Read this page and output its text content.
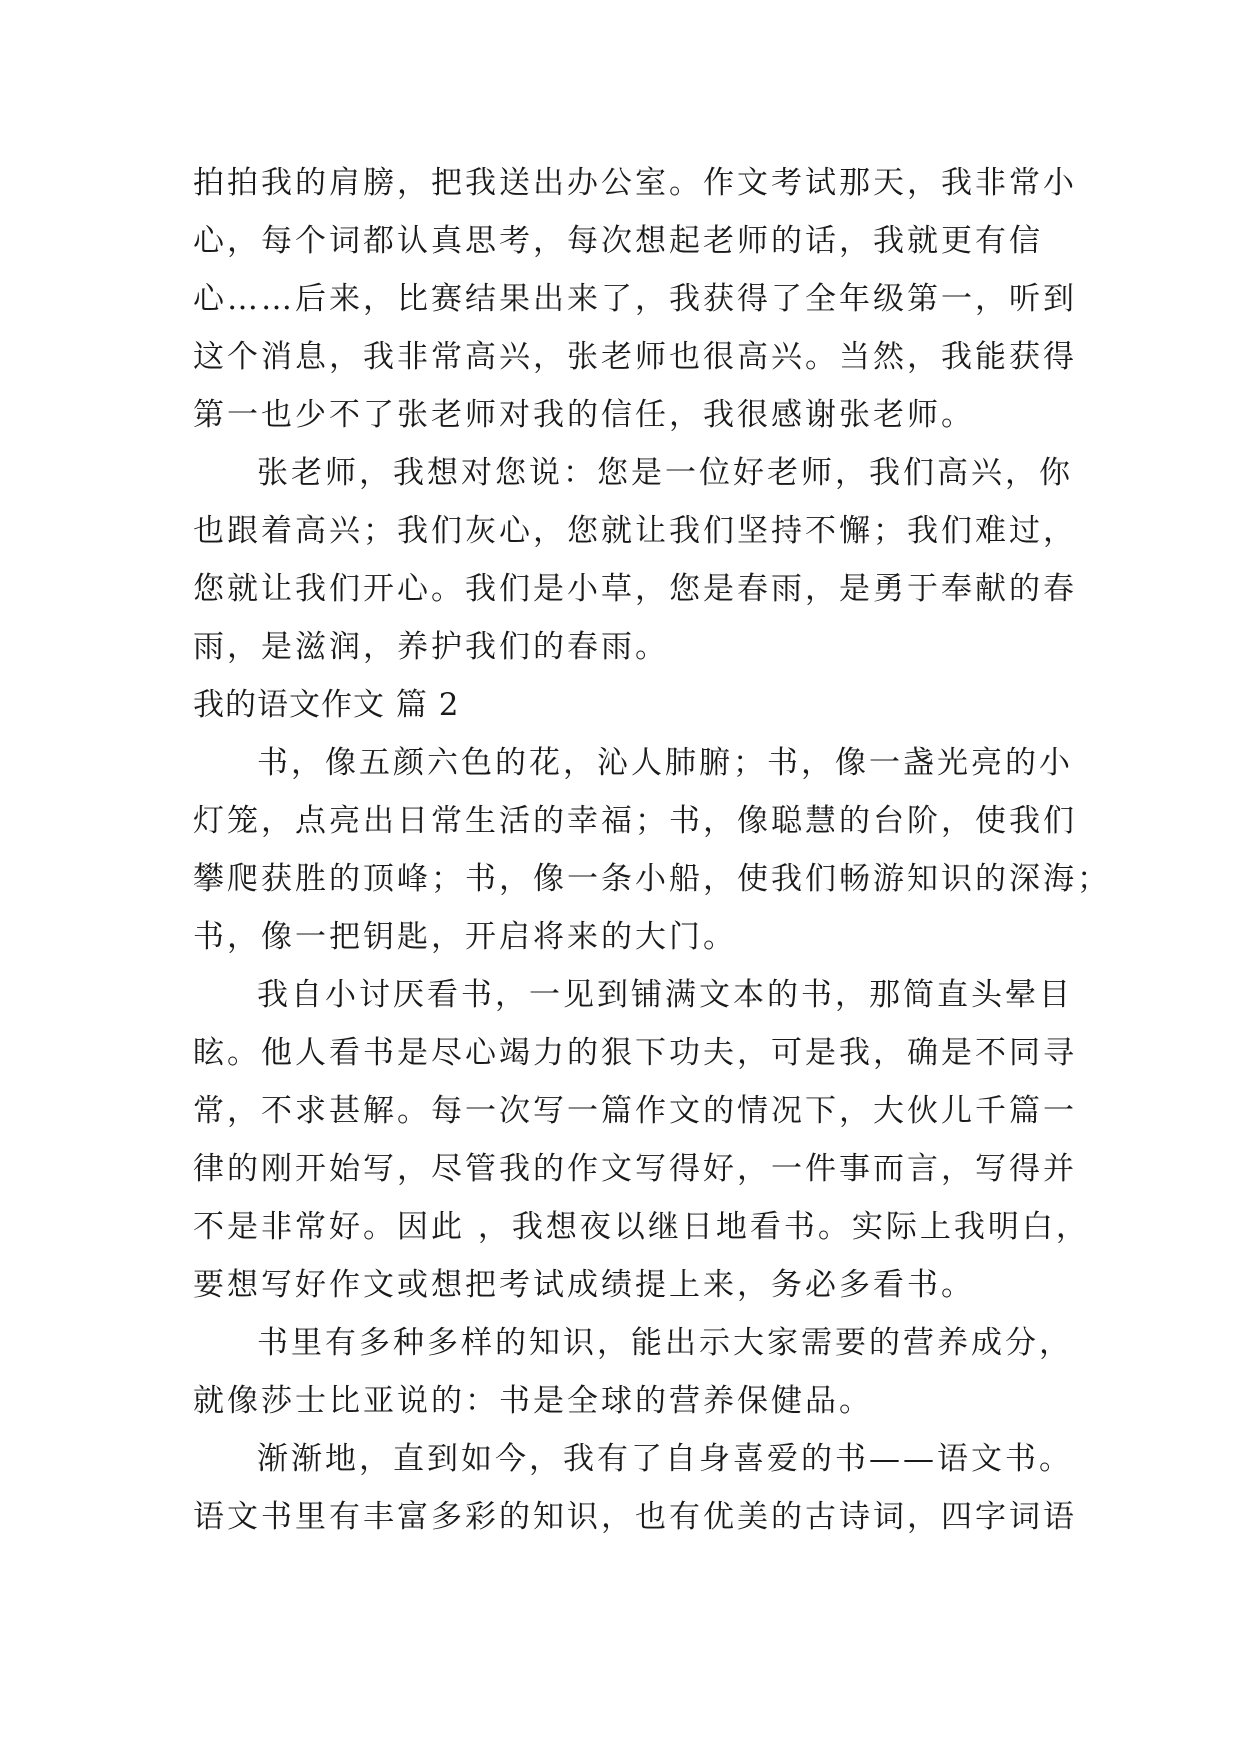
拍拍我的肩膀，把我送出办公室。作文考试那天，我非常小
心，每个词都认真思考，每次想起老师的话，我就更有信
心……后来，比赛结果出来了，我获得了全年级第一，听到
这个消息，我非常高兴，张老师也很高兴。当然，我能获得
第一也少不了张老师对我的信任，我很感谢张老师。
张老师，我想对您说：您是一位好老师，我们高兴，你
也跟着高兴；我们灰心，您就让我们坚持不懈；我们难过，
您就让我们开心。我们是小草，您是春雨，是勇于奉献的春
雨，是滋润，养护我们的春雨。
我的语文作文 篇 2
书，像五颜六色的花，沁人肺腑；书，像一盏光亮的小
灯笼，点亮出日常生活的幸福；书，像聪慧的台阶，使我们
攀爬获胜的顶峰；书，像一条小船，使我们畅游知识的深海；
书，像一把钥匙，开启将来的大门。
我自小讨厌看书，一见到铺满文本的书，那简直头晕目
眩。他人看书是尽心竭力的狠下功夫，可是我，确是不同寻
常，不求甚解。每一次写一篇作文的情况下，大伙儿千篇一
律的刚开始写，尽管我的作文写得好，一件事而言，写得并
不是非常好。因此 ，我想夜以继日地看书。实际上我明白，
要想写好作文或想把考试成绩提上来，务必多看书。
书里有多种多样的知识，能出示大家需要的营养成分，
就像莎士比亚说的：书是全球的营养保健品。
渐渐地，直到如今，我有了自身喜爱的书——语文书。
语文书里有丰富多彩的知识，也有优美的古诗词，四字词语
